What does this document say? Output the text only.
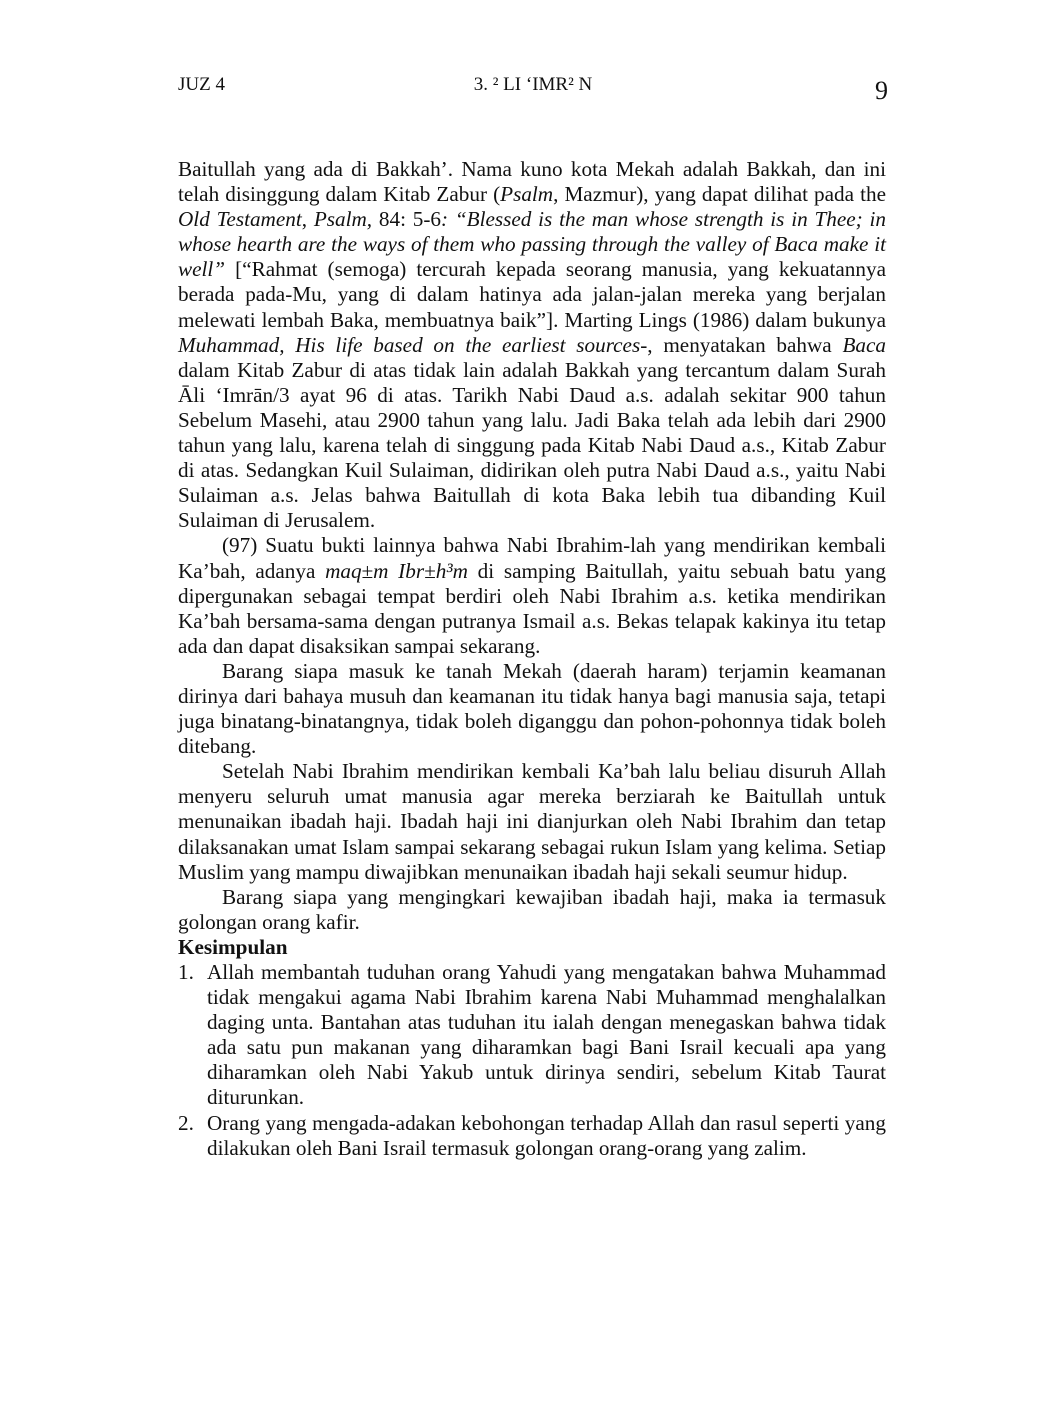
JUZ 4	3. ² LI ‘IMR² N	9

Baitullah yang ada di Bakkah’. Nama kuno kota Mekah adalah Bakkah, dan ini telah disinggung dalam Kitab Zabur (Psalm, Mazmur), yang dapat dilihat pada the Old Testament, Psalm, 84: 5-6: “Blessed is the man whose strength is in Thee; in whose hearth are the ways of them who passing through the valley of Baca make it well” [“Rahmat (semoga) tercurah kepada seorang manusia, yang kekuatannya berada pada-Mu, yang di dalam hatinya ada jalan-jalan mereka yang berjalan melewati lembah Baka, membuatnya baik”]. Marting Lings (1986) dalam bukunya Muhammad, His life based on the earliest sources-, menyatakan bahwa Baca dalam Kitab Zabur di atas tidak lain adalah Bakkah yang tercantum dalam Surah Āli ‘Imrān/3 ayat 96 di atas. Tarikh Nabi Daud a.s. adalah sekitar 900 tahun Sebelum Masehi, atau 2900 tahun yang lalu. Jadi Baka telah ada lebih dari 2900 tahun yang lalu, karena telah di singgung pada Kitab Nabi Daud a.s., Kitab Zabur di atas. Sedangkan Kuil Sulaiman, didirikan oleh putra Nabi Daud a.s., yaitu Nabi Sulaiman a.s. Jelas bahwa Baitullah di kota Baka lebih tua dibanding Kuil Sulaiman di Jerusalem.

(97) Suatu bukti lainnya bahwa Nabi Ibrahim-lah yang mendirikan kembali Ka’bah, adanya maq±m Ibr±h³m di samping Baitullah, yaitu sebuah batu yang dipergunakan sebagai tempat berdiri oleh Nabi Ibrahim a.s. ketika mendirikan Ka’bah bersama-sama dengan putranya Ismail a.s. Bekas telapak kakinya itu tetap ada dan dapat disaksikan sampai sekarang.

Barang siapa masuk ke tanah Mekah (daerah haram) terjamin keamanan dirinya dari bahaya musuh dan keamanan itu tidak hanya bagi manusia saja, tetapi juga binatang-binatangnya, tidak boleh diganggu dan pohon-pohonnya tidak boleh ditebang.

Setelah Nabi Ibrahim mendirikan kembali Ka’bah lalu beliau disuruh Allah menyeru seluruh umat manusia agar mereka berziarah ke Baitullah untuk menunaikan ibadah haji. Ibadah haji ini dianjurkan oleh Nabi Ibrahim dan tetap dilaksanakan umat Islam sampai sekarang sebagai rukun Islam yang kelima. Setiap Muslim yang mampu diwajibkan menunaikan ibadah haji sekali seumur hidup.

Barang siapa yang mengingkari kewajiban ibadah haji, maka ia termasuk golongan orang kafir.

Kesimpulan

1. Allah membantah tuduhan orang Yahudi yang mengatakan bahwa Muhammad tidak mengakui agama Nabi Ibrahim karena Nabi Muhammad menghalalkan daging unta. Bantahan atas tuduhan itu ialah dengan menegaskan bahwa tidak ada satu pun makanan yang diharamkan bagi Bani Israil kecuali apa yang diharamkan oleh Nabi Yakub untuk dirinya sendiri, sebelum Kitab Taurat diturunkan.
2. Orang yang mengada-adakan kebohongan terhadap Allah dan rasul seperti yang dilakukan oleh Bani Israil termasuk golongan orang-orang yang zalim.
